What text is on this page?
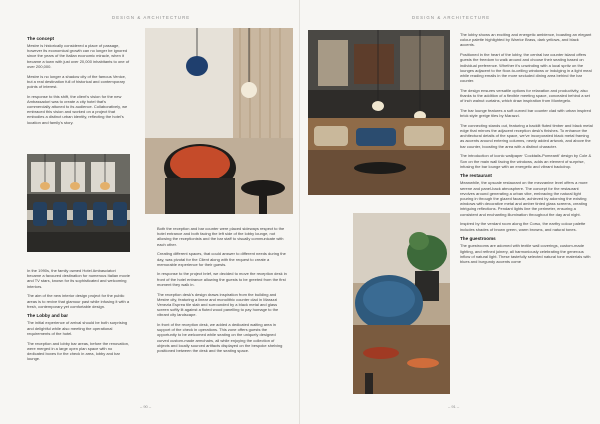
DESIGN & ARCHITECTURE
The concept

Mestre is historically considered a place of passage, however its economical growth can no longer be ignored since the years of the Italian economic miracle, when it became a town with just over 20,000 inhabitants to one of over 200,000.

Mestre is no longer a shadow city of the famous Venice, but a real destination full of historical and contemporary points of interest.

In response to this shift, the client's vision for the new Ambassadori was to create a city hotel that's commercially attuned to its audience. Collaboratively, we embraced this vision and worked on a project that embodies a distinct urban identity, reflecting the hotel's location and family's story.

In the 1990s, the family owned Hotel Ambasciatori became a favoured destination for numerous Italian movie and TV stars, known for its sophisticated and welcoming interiors.

The aim of the new interior design project for the public areas is to revive that glamour past while infusing it with a fresh, contemporary yet comfortable design.

The Lobby and bar

The initial experience of arrival should be both surprising and delightful while also meeting the operational requirements of the hotel.

The reception and lobby bar areas, before the renovation, were merged in a large open plan space with no dedicated boxes for the check in area, lobby and bar lounge.

Both the reception and bar counter were placed sideways respect to the hotel entrance and both facing the left side of the lobby lounge, not allowing the receptionists and the bar staff to visually communicate with each other.

Creating different spaces, that could answer to different needs during the day, was pivotal for the Client along with the request to create a memorable experience for their guests.

In response to the project brief, we decided to move the reception desk in front of the hotel entrance allowing the guests to be greeted from the first moment they walk in.

The reception desk's design draws inspiration from the building and Mestre city, featuring a linear and monolithic counter clad in Marazzi Venezia Esprea tile slab and surrounded by a black metal and glass screen softly lit against a fluted wood panelling to pay homage to the vibrant city landscape.

In front of the reception desk, we added a dedicated waiting area in support of the check in operations. This zone offers guests the opportunity to be welcomed while seating on the uniquely designed curved custom-made armchairs, all while enjoying the collection of objects and locally sourced artifacts displayed on the bespoke shelving positioned between the desk and the seating space.

– 90 –
DESIGN & ARCHITECTURE

The lobby shows an exciting and energetic ambience, boasting an elegant colour palette highlighted by Warrior Brass, dark yellows, and black accents.

Positioned in the heart of the lobby, the central bar counter island offers guests the freedom to walk around and choose their seating based on individual preference. Whether it's unwinding with a local spritz on the lounges adjacent to the floor-to-ceiling windows or indulging in a light meal while reading emails in the more secluded dining area behind the bar counter.

The design ensures versatile options for relaxation and productivity, also thanks to the addition of a flexible meeting space, concealed behind a set of inch walnut curtains, which draw inspiration from Montegelo.

The bar lounge features a soft curved bar counter clad with urban inspired brick style greige tiles by Marazzi.

The connecting stands out, featuring a backlit fluted timber and black metal edge that mirrors the adjacent reception desk's finishes. To enhance the architectural details of the space, we've incorporated black metal framing as accents around entering columns, newly added artwork, and above the bar counter, boosting the area with a distinct character.

The introduction of iconic wallpaper 'Cocktails-Pomeanti' design by Cole & Son on the main wall facing the windows, adds an element of surprise, infusing the bar lounge with an energetic and vibrant backdrop.

The restaurant

Meanwhile, the upscale restaurant on the mezzanine level offers a more serene and panel-back atmosphere. The concept for the restaurant revolves around generating a urban vibe, embracing the natural light pouring in through the glazed facade, achieved by adorning the existing windows with decorative metal and amber tinted glass screens, creating intriguing reflections. Pendant lights line the perimeter, ensuring a consistent and enchanting illumination throughout the day and night.

Inspired by the verdant room along the Corso, the earthy colour palette includes shades of brown green, warm browns, and natural tones.

The guestrooms

The guestrooms are adorned with textile wall coverings, custom-made lighting, and refined joinery, all harmoniously celebrating the generous inflow of natural light. These tastefully selected natural tone materials with blues and burgundy accents come

– 91 –
